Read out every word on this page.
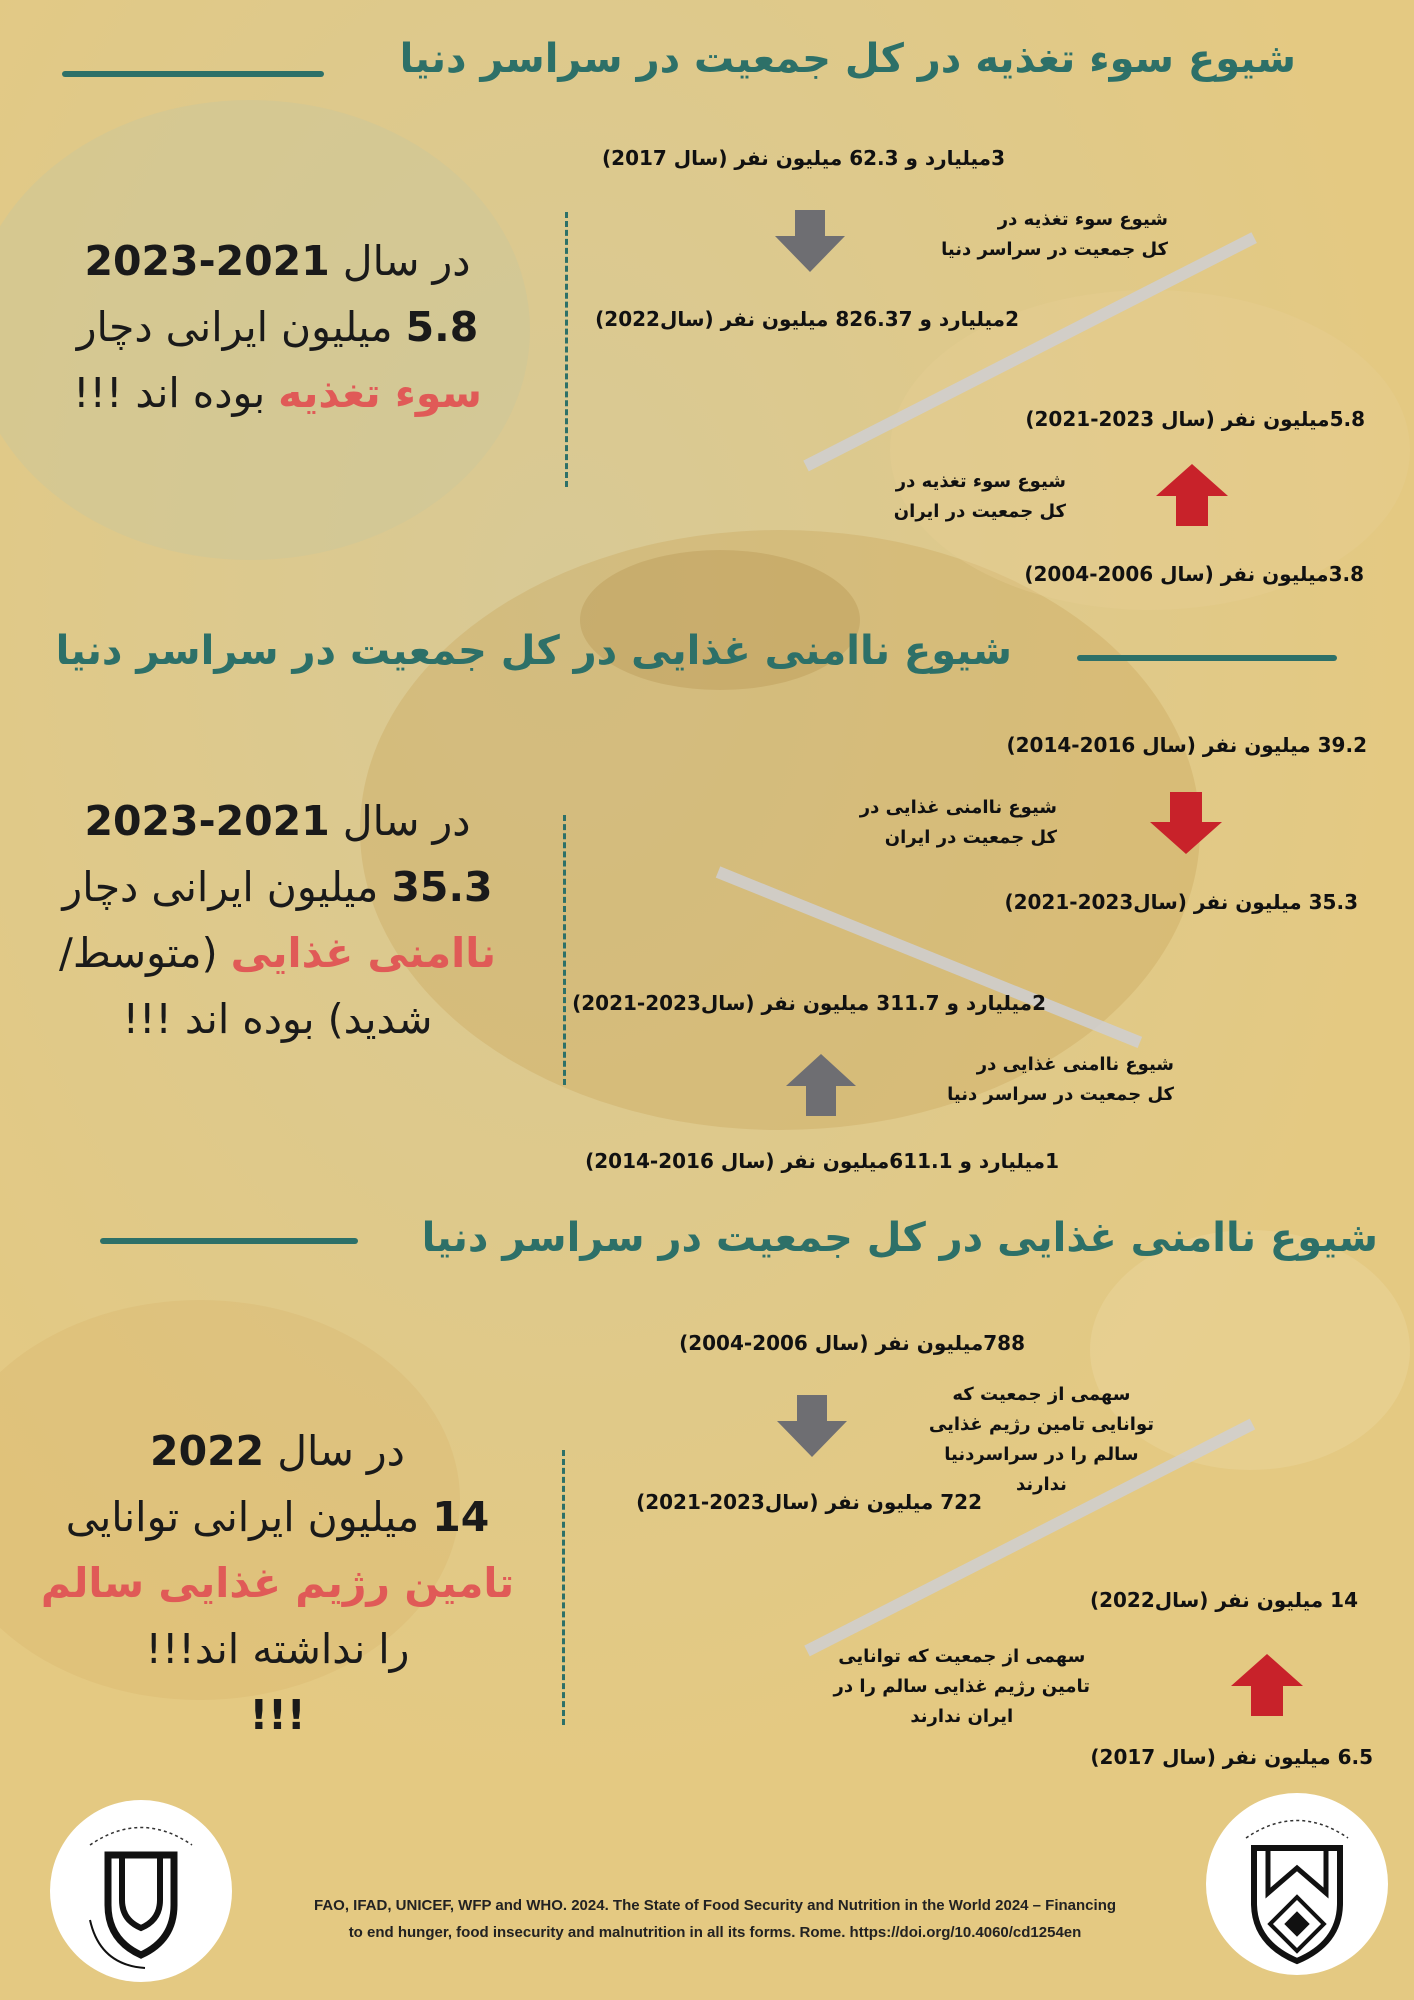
شیوع سوء تغذیه در کل جمعیت در سراسر دنیا
3میلیارد و 62.3 میلیون نفر (سال 2017)
شیوع سوء تغذیه در
کل جمعیت در سراسر دنیا
2میلیارد و 826.37 میلیون نفر (سال2022)
5.8میلیون نفر (سال 2023-2021)
شیوع سوء تغذیه در
کل جمعیت در ایران
3.8میلیون نفر (سال 2006-2004)
در سال 2021-2023
5.8 میلیون ایرانی دچار
سوء تغذیه بوده اند !!!
شیوع ناامنی غذایی در کل جمعیت در سراسر دنیا
39.2 میلیون نفر (سال 2016-2014)
شیوع ناامنی غذایی در
کل جمعیت در ایران
35.3 میلیون نفر (سال2023-2021)
2میلیارد و 311.7 میلیون نفر (سال2023-2021)
شیوع ناامنی غذایی در
کل جمعیت در سراسر دنیا
1میلیارد و 611.1میلیون نفر (سال 2016-2014)
در سال 2021-2023
35.3 میلیون ایرانی دچار
ناامنی غذایی (متوسط/
شدید) بوده اند !!!
شیوع ناامنی غذایی در کل جمعیت در سراسر دنیا
788میلیون نفر (سال 2006-2004)
سهمی از جمعیت که
توانایی تامین رژیم غذایی
سالم را در سراسردنیا
ندارند
722 میلیون نفر (سال2023-2021)
14 میلیون نفر (سال2022)
سهمی از جمعیت که توانایی
تامین رژیم غذایی سالم را در
ایران ندارند
6.5 میلیون نفر (سال 2017)
در سال 2022
14 میلیون ایرانی توانایی
تامین رژیم غذایی سالم
را نداشته اند!!!
!!!
FAO, IFAD, UNICEF, WFP and WHO. 2024. The State of Food Security and Nutrition in the World 2024 – Financing
to end hunger, food insecurity and malnutrition in all its forms. Rome. https://doi.org/10.4060/cd1254en
